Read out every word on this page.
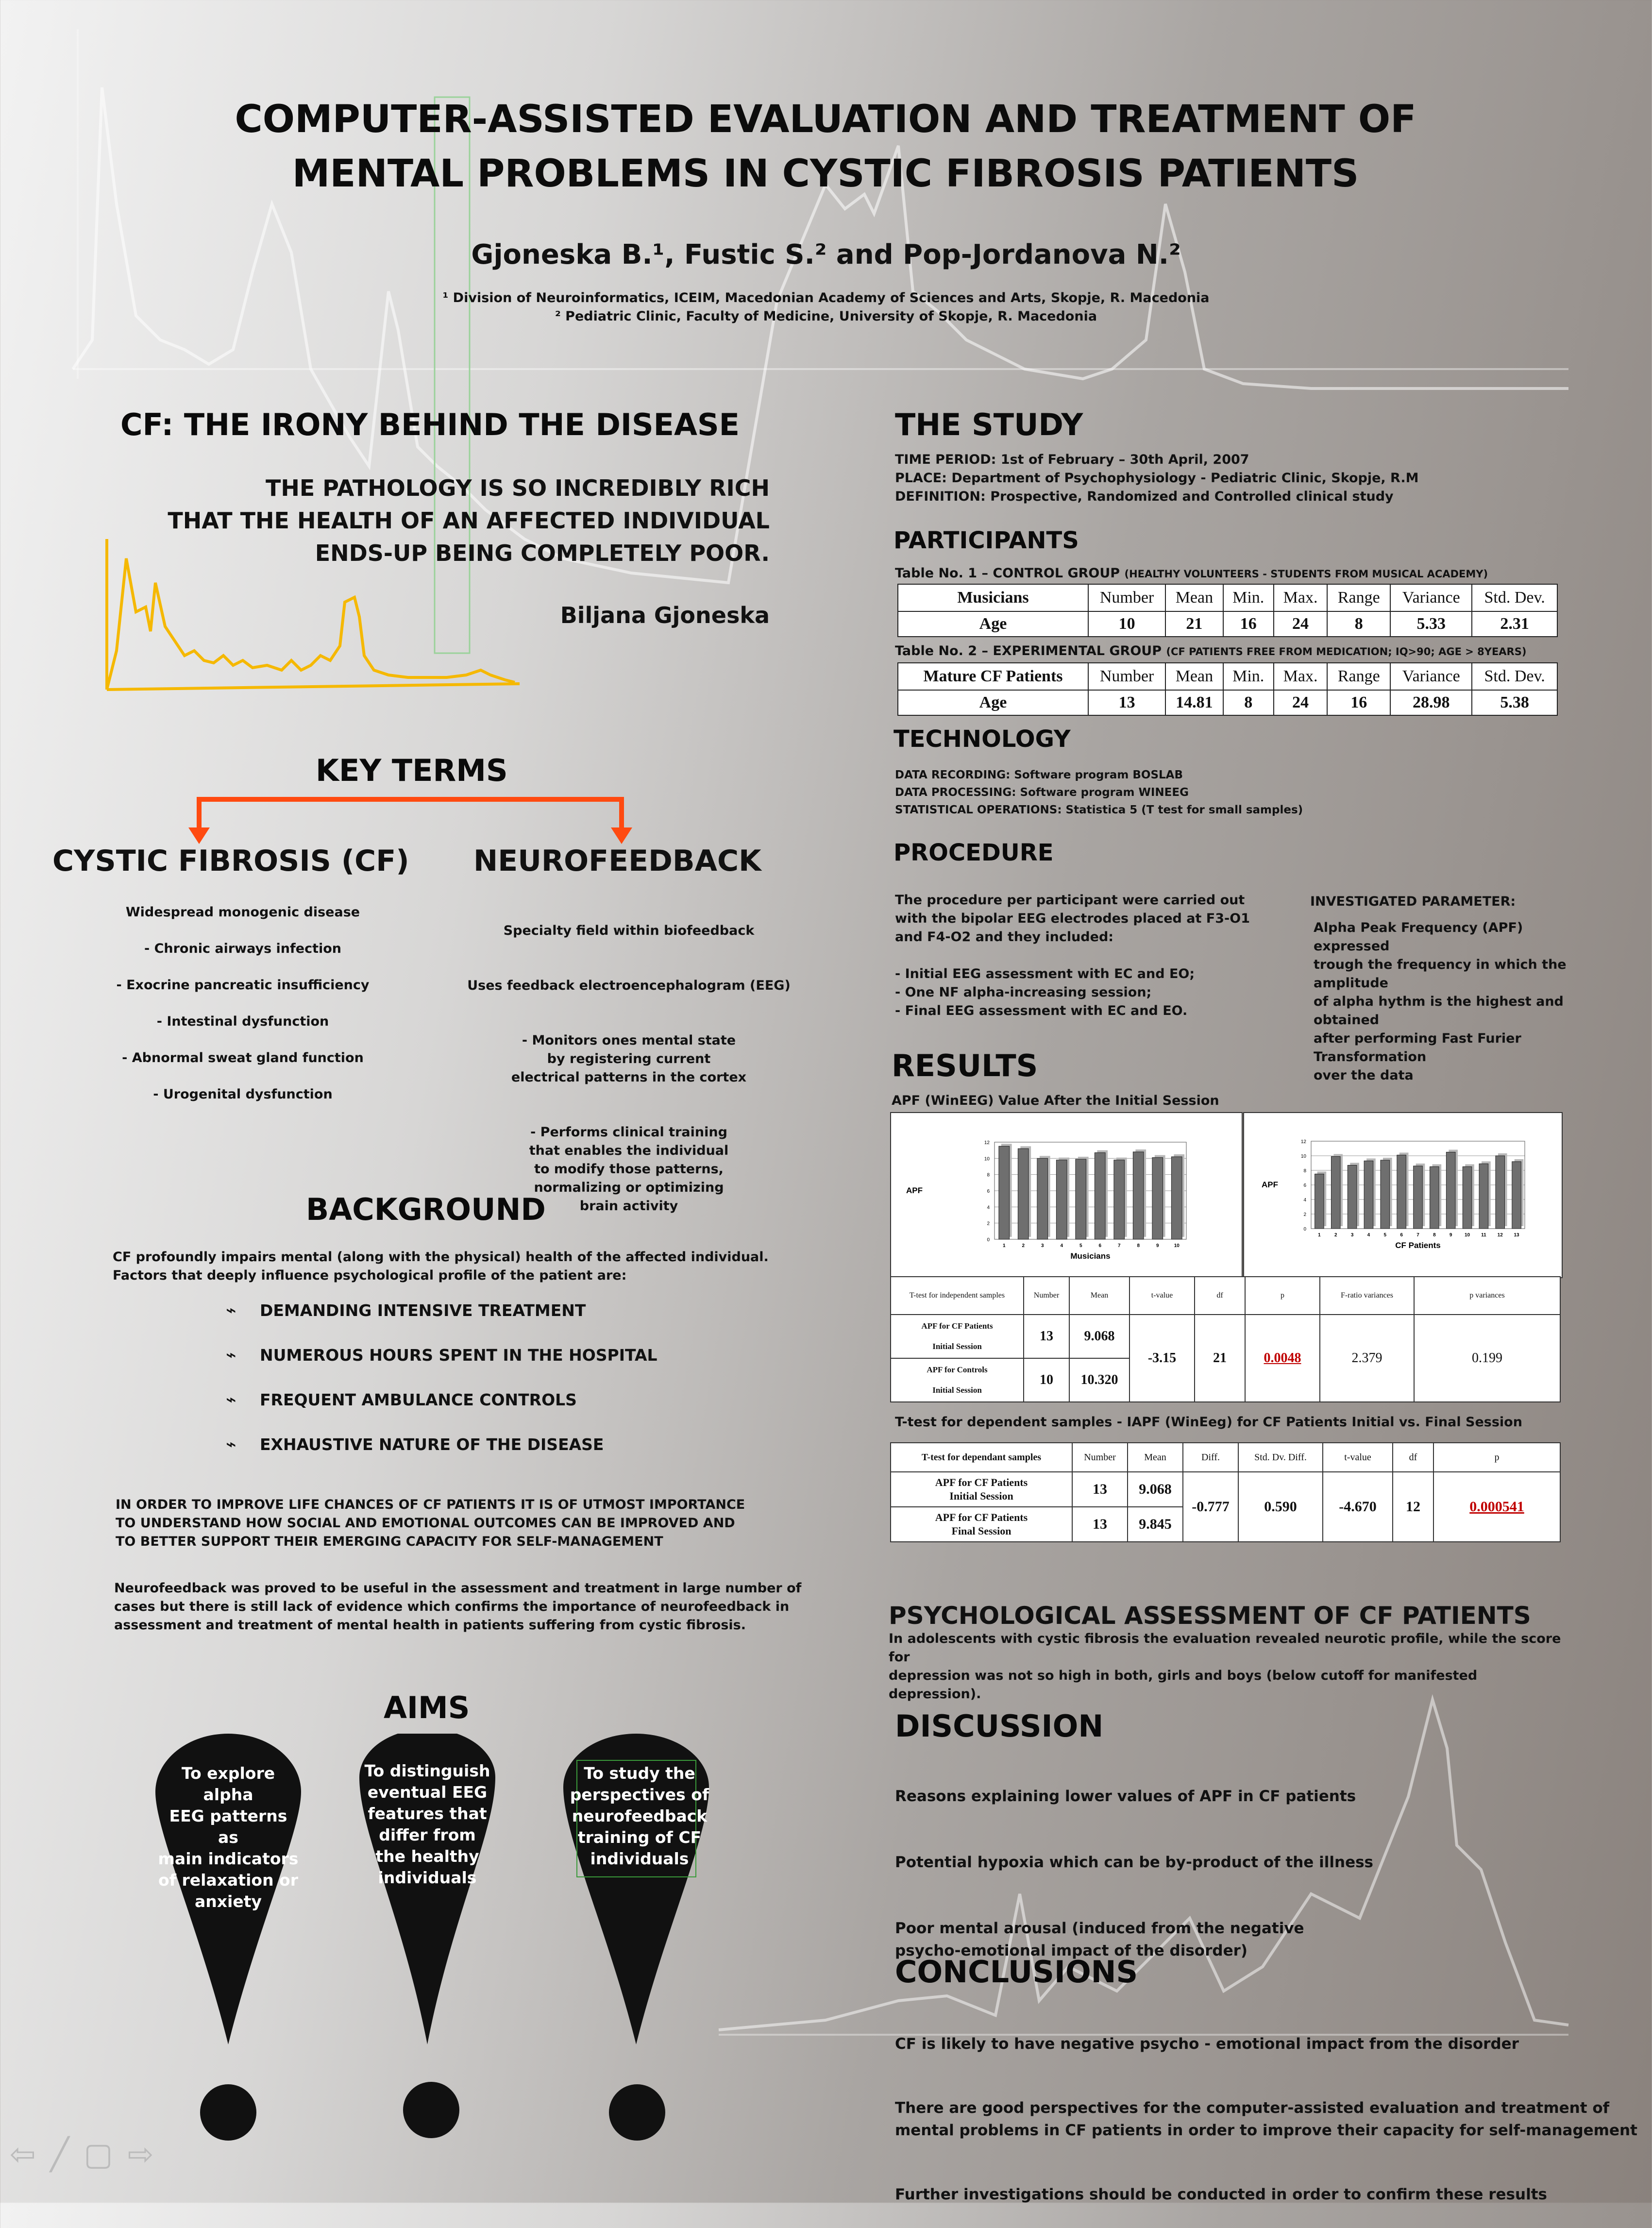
COMPUTER-ASSISTED EVALUATION AND TREATMENT OF
MENTAL PROBLEMS IN CYSTIC FIBROSIS PATIENTS
Gjoneska B.¹, Fustic S.² and Pop-Jordanova N.²
¹ Division of Neuroinformatics, ICEIM, Macedonian Academy of Sciences and Arts, Skopje, R. Macedonia
² Pediatric Clinic, Faculty of Medicine, University of Skopje, R. Macedonia
CF: THE IRONY BEHIND THE DISEASE
THE PATHOLOGY IS SO INCREDIBLY RICH
THAT THE HEALTH OF AN AFFECTED INDIVIDUAL
ENDS-UP BEING COMPLETELY POOR.
Biljana Gjoneska
KEY TERMS
CYSTIC FIBROSIS (CF) NEUROFEEDBACK
Widespread monogenic disease
- Chronic airways infection
- Exocrine pancreatic insufficiency
- Intestinal dysfunction
- Abnormal sweat gland function
- Urogenital dysfunction

Specialty field within biofeedback

Uses feedback electroencephalogram (EEG)

- Monitors ones mental state
by registering current
electrical patterns in the cortex

- Performs clinical training
that enables the individual
to modify those patterns,
normalizing or optimizing
brain activity

BACKGROUND
CF profoundly impairs mental (along with the physical) health of the affected individual.
Factors that deeply influence psychological profile of the patient are:
⌁	DEMANDING INTENSIVE TREATMENT
⌁	NUMEROUS HOURS SPENT IN THE HOSPITAL
⌁	FREQUENT AMBULANCE CONTROLS
⌁	EXHAUSTIVE NATURE OF THE DISEASE
IN ORDER TO IMPROVE LIFE CHANCES OF CF PATIENTS IT IS OF UTMOST IMPORTANCE
TO UNDERSTAND HOW SOCIAL AND EMOTIONAL OUTCOMES CAN BE IMPROVED AND
TO BETTER SUPPORT THEIR EMERGING CAPACITY FOR SELF-MANAGEMENT
Neurofeedback was proved to be useful in the assessment and treatment in large number of
cases but there is still lack of evidence which confirms the importance of neurofeedback in
assessment and treatment of mental health in patients suffering from cystic fibrosis.
AIMS
To explore alpha
EEG patterns as
main indicators
of relaxation or
anxiety
To distinguish
eventual EEG
features that
differ from
the healthy
individuals
To study the
perspectives of
neurofeedback
training of CF
individuals
⇦ ╱ ▢ ⇨
THE STUDY
TIME PERIOD: 1st of February – 30th April, 2007
PLACE: Department of Psychophysiology - Pediatric Clinic, Skopje, R.M
DEFINITION: Prospective, Randomized and Controlled clinical study
PARTICIPANTS
Table No. 1 – CONTROL GROUP (HEALTHY VOLUNTEERS - STUDENTS FROM MUSICAL ACADEMY)
Musicians	Number	Mean	Min.	Max.	Range	Variance	Std. Dev.
Age	10	21	16	24	8	5.33	2.31
Table No. 2 – EXPERIMENTAL GROUP (CF PATIENTS FREE FROM MEDICATION; IQ>90; AGE > 8YEARS)
Mature CF Patients	Number	Mean	Min.	Max.	Range	Variance	Std. Dev.
Age	13	14.81	8	24	16	28.98	5.38
TECHNOLOGY
DATA RECORDING: Software program BOSLAB
DATA PROCESSING: Software program WINEEG
STATISTICAL OPERATIONS: Statistica 5 (T test for small samples)
PROCEDURE
The procedure per participant were carried out
with the bipolar EEG electrodes placed at F3-O1
and F4-O2 and they included:

- Initial EEG assessment with EC and EO;
- One NF alpha-increasing session;
- Final EEG assessment with EC and EO.
INVESTIGATED PARAMETER:
Alpha Peak Frequency (APF) expressed
trough the frequency in which the amplitude
of alpha hythm is the highest and obtained
after performing Fast Furier Transformation
over the data
RESULTS
APF (WinEEG) Value After the Initial Session
0
2
4
6
8
10
12
1	2	3	4	5	6	7	8	9	10
Musicians
APF
0
2
4
6
8
10
12
1	2	3	4	5	6	7	8	9	10 11 12 13
CF Patients
APF
T-test for independent samples	Number	Mean	t-value	df	p	F-ratio variances	p variances

APF for CF Patients
Initial Session	13	9.068	-3.15	21	0.0048	2.379	0.199

APF for Controls
Initial Session	10	10.320					
T-test for dependent samples - IAPF (WinEeg) for CF Patients Initial vs. Final Session
T-test for dependant samples	Number	Mean	Diff.	Std. Dv. Diff.	t-value	df	p

APF for CF Patients
Initial Session	13	9.068	-0.777	0.590	-4.670	12	0.000541

APF for CF Patients
Final Session	13	9.845					
PSYCHOLOGICAL ASSESSMENT OF CF PATIENTS
In adolescents with cystic fibrosis the evaluation revealed neurotic profile, while the score for
depression was not so high in both, girls and boys (below cutoff for manifested depression).
DISCUSSION

Reasons explaining lower values of APF in CF patients

Potential hypoxia which can be by-product of the illness

Poor mental arousal (induced from the negative
psycho-emotional impact of the disorder)

CONCLUSIONS

CF is likely to have negative psycho - emotional impact from the disorder

There are good perspectives for the computer-assisted evaluation and treatment of
mental problems in CF patients in order to improve their capacity for self-management

Further investigations should be conducted in order to confirm these results
